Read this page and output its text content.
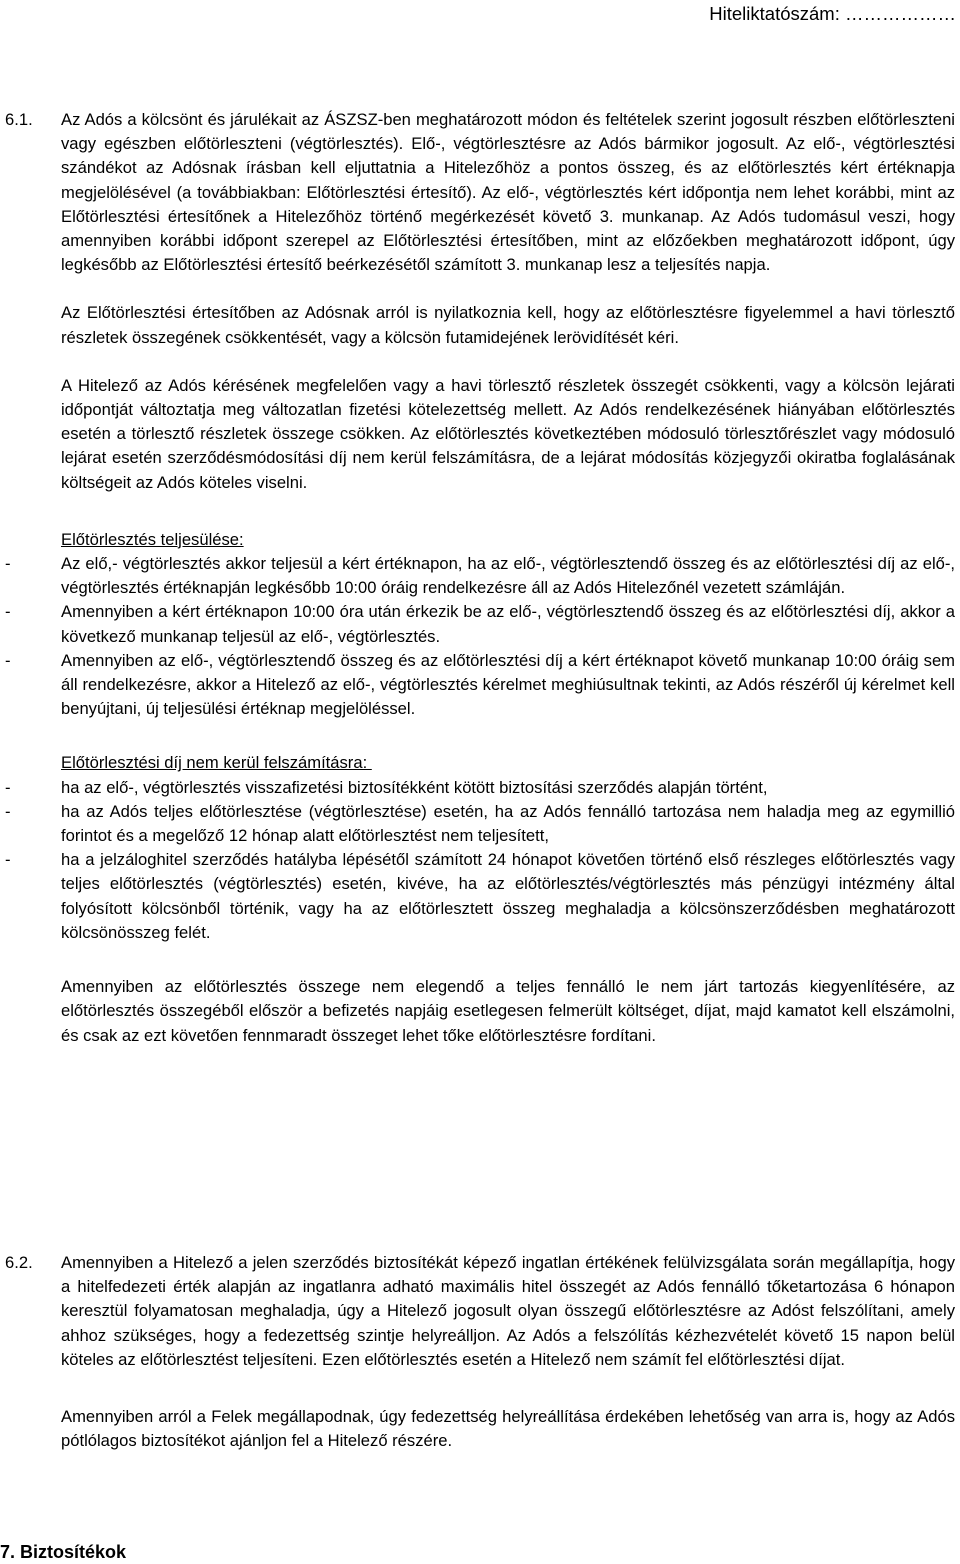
Hiteliktatószám: ………………
6.1. Az Adós a kölcsönt és járulékait az ÁSZSZ-ben meghatározott módon és feltételek szerint jogosult részben előtörleszteni vagy egészben előtörleszteni (végtörlesztés). Elő-, végtörlesztésre az Adós bármikor jogosult. Az elő-, végtörlesztési szándékot az Adósnak írásban kell eljuttatnia a Hitelezőhöz a pontos összeg, és az előtörlesztés kért értéknapja megjelölésével (a továbbiakban: Előtörlesztési értesítő). Az elő-, végtörlesztés kért időpontja nem lehet korábbi, mint az Előtörlesztési értesítőnek a Hitelezőhöz történő megérkezését követő 3. munkanap. Az Adós tudomásul veszi, hogy amennyiben korábbi időpont szerepel az Előtörlesztési értesítőben, mint az előzőekben meghatározott időpont, úgy legkésőbb az Előtörlesztési értesítő beérkezésétől számított 3. munkanap lesz a teljesítés napja.

Az Előtörlesztési értesítőben az Adósnak arról is nyilatkoznia kell, hogy az előtörlesztésre figyelemmel a havi törlesztő részletek összegének csökkentését, vagy a kölcsön futamidejének lerövidítését kéri.

A Hitelező az Adós kérésének megfelelően vagy a havi törlesztő részletek összegét csökkenti, vagy a kölcsön lejárati időpontját változtatja meg változatlan fizetési kötelezettség mellett. Az Adós rendelkezésének hiányában előtörlesztés esetén a törlesztő részletek összege csökken. Az előtörlesztés következtében módosuló törlesztőrészlet vagy módosuló lejárat esetén szerződésmódosítási díj nem kerül felszámításra, de a lejárat módosítás közjegyzői okiratba foglalásának költségeit az Adós köteles viselni.

Előtörlesztés teljesülése:

-	Az elő,- végtörlesztés akkor teljesül a kért értéknapon, ha az elő-, végtörlesztendő összeg és az előtörlesztési díj az elő-, végtörlesztés értéknapján legkésőbb 10:00 óráig rendelkezésre áll az Adós Hitelezőnél vezetett számláján.
-	Amennyiben a kért értéknapon 10:00 óra után érkezik be az elő-, végtörlesztendő összeg és az előtörlesztési díj, akkor a következő munkanap teljesül az elő-, végtörlesztés.
-	Amennyiben az elő-, végtörlesztendő összeg és az előtörlesztési díj a kért értéknapot követő munkanap 10:00 óráig sem áll rendelkezésre, akkor a Hitelező az elő-, végtörlesztés kérelmet meghiúsultnak tekinti, az Adós részéről új kérelmet kell benyújtani, új teljesülési értéknap megjelöléssel.

Előtörlesztési díj nem kerül felszámításra:

-	ha az elő-, végtörlesztés visszafizetési biztosítékként kötött biztosítási szerződés alapján történt,
-	ha az Adós teljes előtörlesztése (végtörlesztése) esetén, ha az Adós fennálló tartozása nem haladja meg az egymillió forintot és a megelőző 12 hónap alatt előtörlesztést nem teljesített,
-	ha a jelzáloghitel szerződés hatályba lépésétől számított 24 hónapot követően történő első részleges előtörlesztés vagy teljes előtörlesztés (végtörlesztés) esetén, kivéve, ha az előtörlesztés/végtörlesztés más pénzügyi intézmény által folyósított kölcsönből történik, vagy ha az előtörlesztett összeg meghaladja a kölcsönszerződésben meghatározott kölcsönösszeg felét.

Amennyiben az előtörlesztés összege nem elegendő a teljes fennálló le nem járt tartozás kiegyenlítésére, az előtörlesztés összegéből először a befizetés napjáig esetlegesen felmerült költséget, díjat, majd kamatot kell elszámolni, és csak az ezt követően fennmaradt összeget lehet tőke előtörlesztésre fordítani.

6.2. Amennyiben a Hitelező a jelen szerződés biztosítékát képező ingatlan értékének felülvizsgálata során megállapítja, hogy a hitelfedezeti érték alapján az ingatlanra adható maximális hitel összegét az Adós fennálló tőketartozása 6 hónapon keresztül folyamatosan meghaladja, úgy a Hitelező jogosult olyan összegű előtörlesztésre az Adóst felszólítani, amely ahhoz szükséges, hogy a fedezettség szintje helyreálljon. Az Adós a felszólítás kézhezvételét követő 15 napon belül köteles az előtörlesztést teljesíteni. Ezen előtörlesztés esetén a Hitelező nem számít fel előtörlesztési díjat.

Amennyiben arról a Felek megállapodnak, úgy fedezettség helyreállítása érdekében lehetőség van arra is, hogy az Adós pótlólagos biztosítékot ajánljon fel a Hitelező részére.

7. Biztosítékok
